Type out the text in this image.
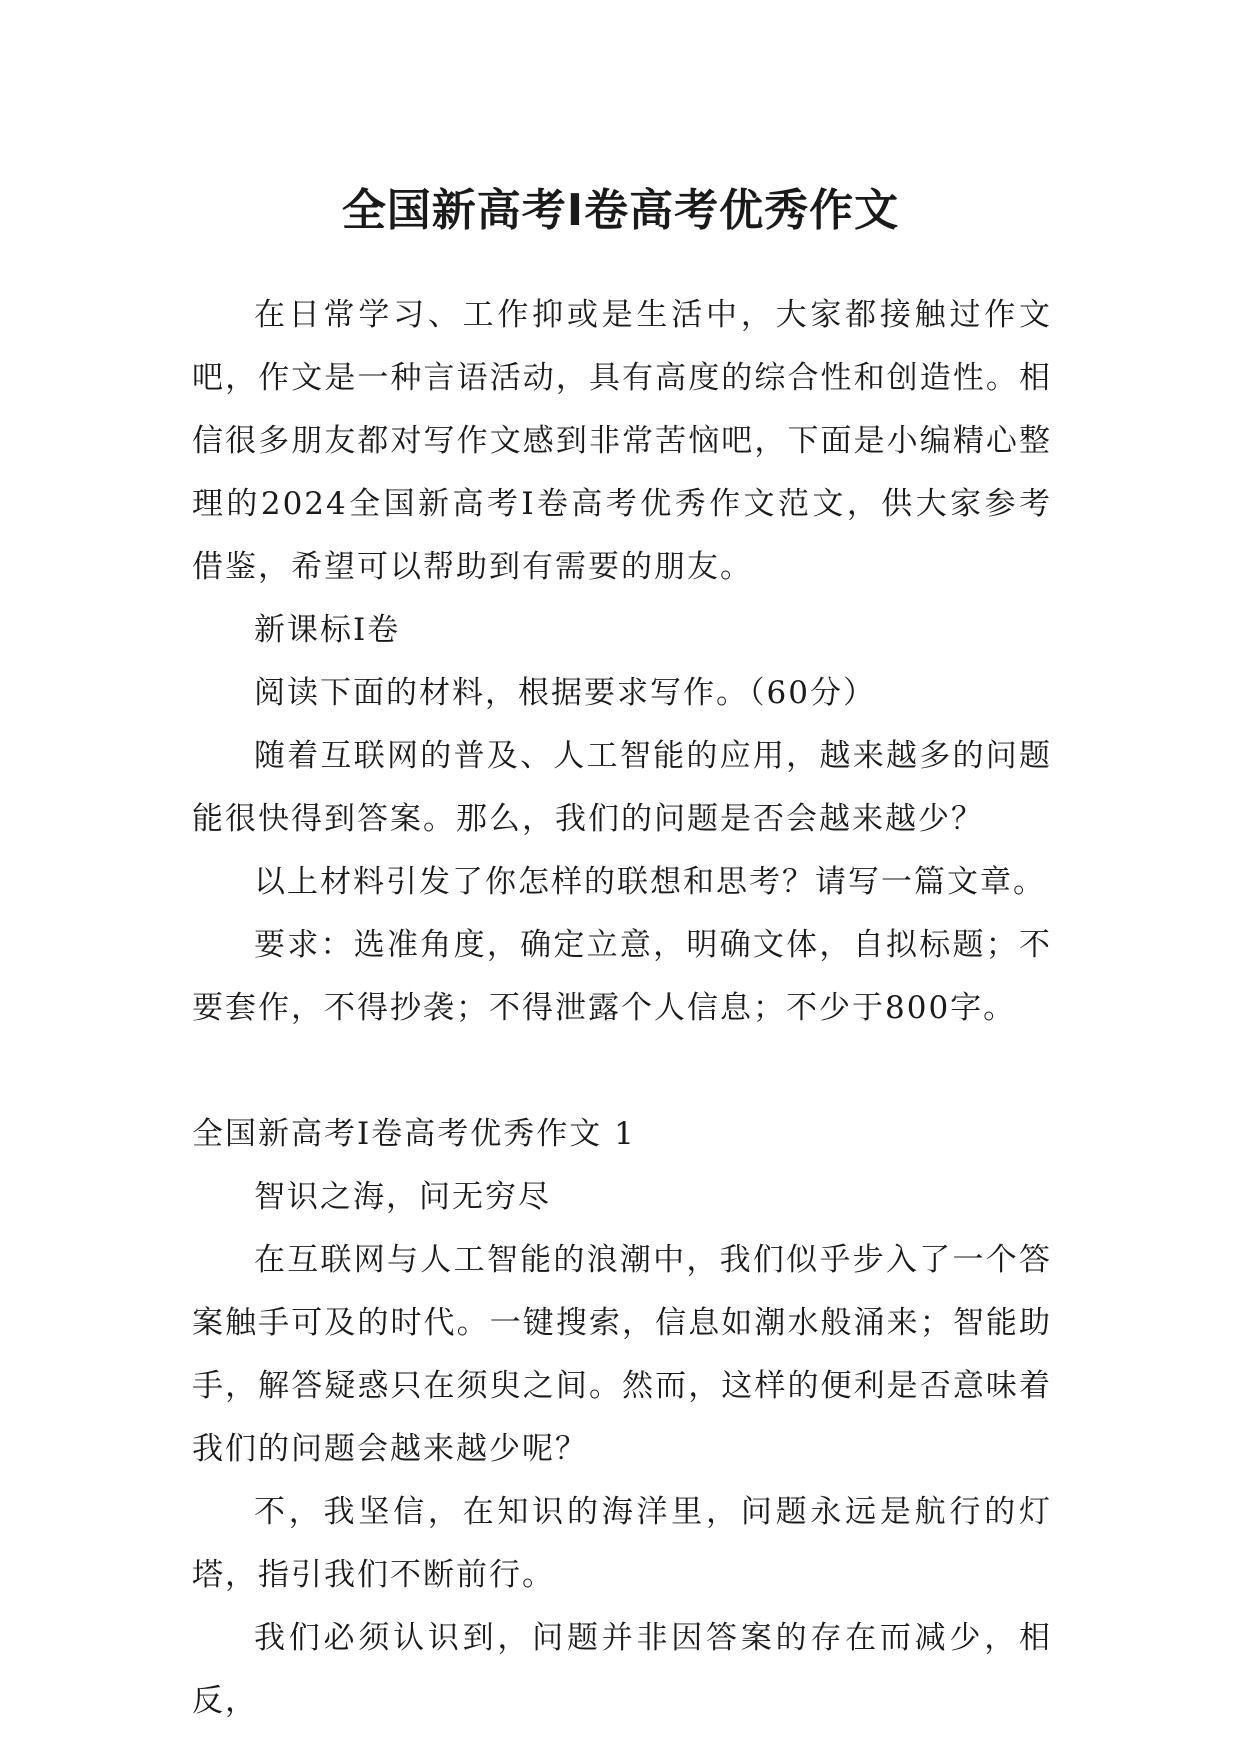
全国新高考Ⅰ卷高考优秀作文

在日常学习、工作抑或是生活中，大家都接触过作文吧，作文是一种言语活动，具有高度的综合性和创造性。相信很多朋友都对写作文感到非常苦恼吧，下面是小编精心整理的2024全国新高考Ⅰ卷高考优秀作文范文，供大家参考借鉴，希望可以帮助到有需要的朋友。

新课标Ⅰ卷

阅读下面的材料，根据要求写作。（60分）

随着互联网的普及、人工智能的应用，越来越多的问题能很快得到答案。那么，我们的问题是否会越来越少？

以上材料引发了你怎样的联想和思考？请写一篇文章。

要求：选准角度，确定立意，明确文体，自拟标题；不要套作，不得抄袭；不得泄露个人信息；不少于800字。

全国新高考Ⅰ卷高考优秀作文 1

智识之海，问无穷尽

在互联网与人工智能的浪潮中，我们似乎步入了一个答案触手可及的时代。一键搜索，信息如潮水般涌来；智能助手，解答疑惑只在须臾之间。然而，这样的便利是否意味着我们的问题会越来越少呢？

不，我坚信，在知识的海洋里，问题永远是航行的灯塔，指引我们不断前行。

我们必须认识到，问题并非因答案的存在而减少，相反，
